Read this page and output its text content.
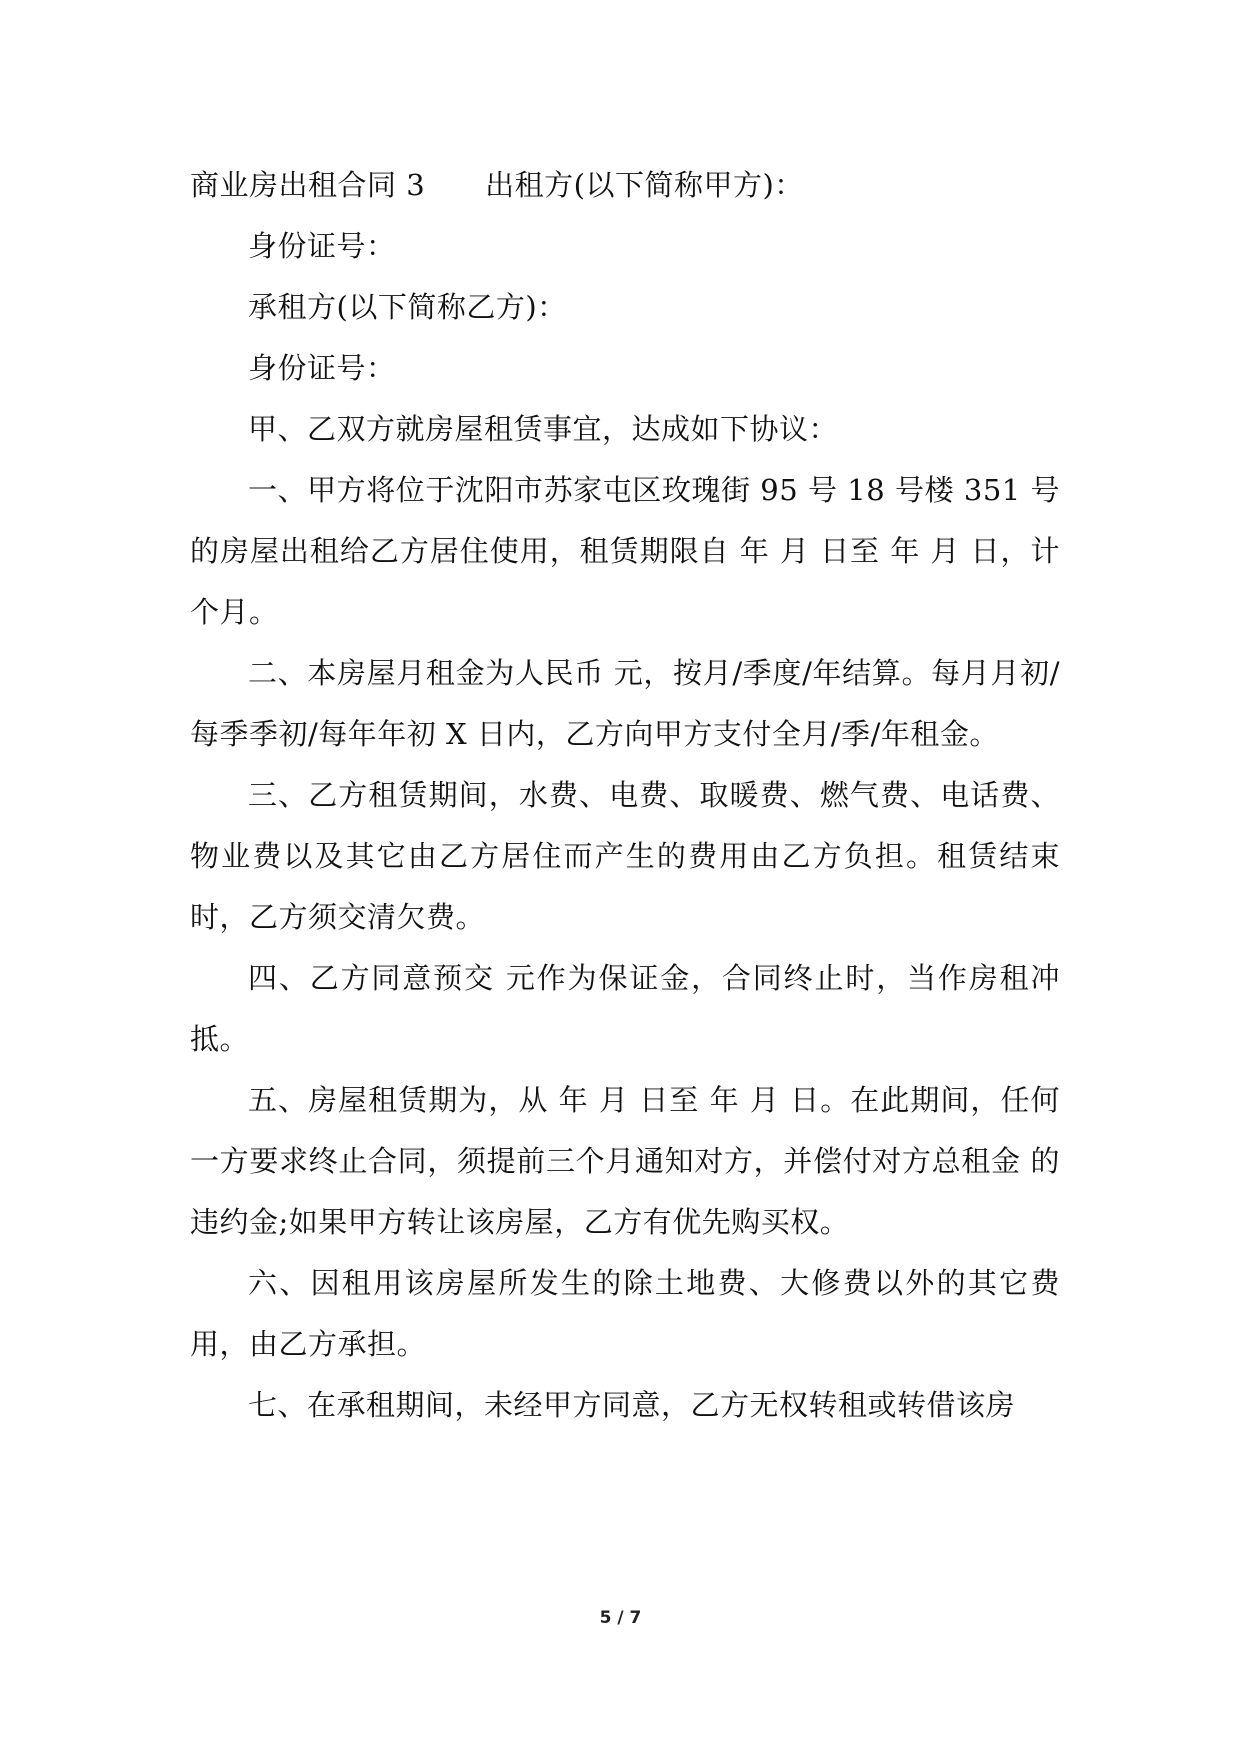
商业房出租合同 3 出租方(以下简称甲方)：

身份证号：

承租方(以下简称乙方)：

身份证号：

甲、乙双方就房屋租赁事宜，达成如下协议：

一、甲方将位于沈阳市苏家屯区玫瑰街 95 号 18 号楼 351 号的房屋出租给乙方居住使用，租赁期限自 年 月 日至 年 月 日，计 个月。

二、本房屋月租金为人民币 元，按月/季度/年结算。每月月初/每季季初/每年年初 X 日内，乙方向甲方支付全月/季/年租金。

三、乙方租赁期间，水费、电费、取暖费、燃气费、电话费、物业费以及其它由乙方居住而产生的费用由乙方负担。租赁结束时，乙方须交清欠费。

四、乙方同意预交 元作为保证金，合同终止时，当作房租冲抵。

五、房屋租赁期为，从 年 月 日至 年 月 日。在此期间，任何一方要求终止合同，须提前三个月通知对方，并偿付对方总租金 的违约金;如果甲方转让该房屋，乙方有优先购买权。

六、因租用该房屋所发生的除土地费、大修费以外的其它费用，由乙方承担。

七、在承租期间，未经甲方同意，乙方无权转租或转借该房

5 / 7
